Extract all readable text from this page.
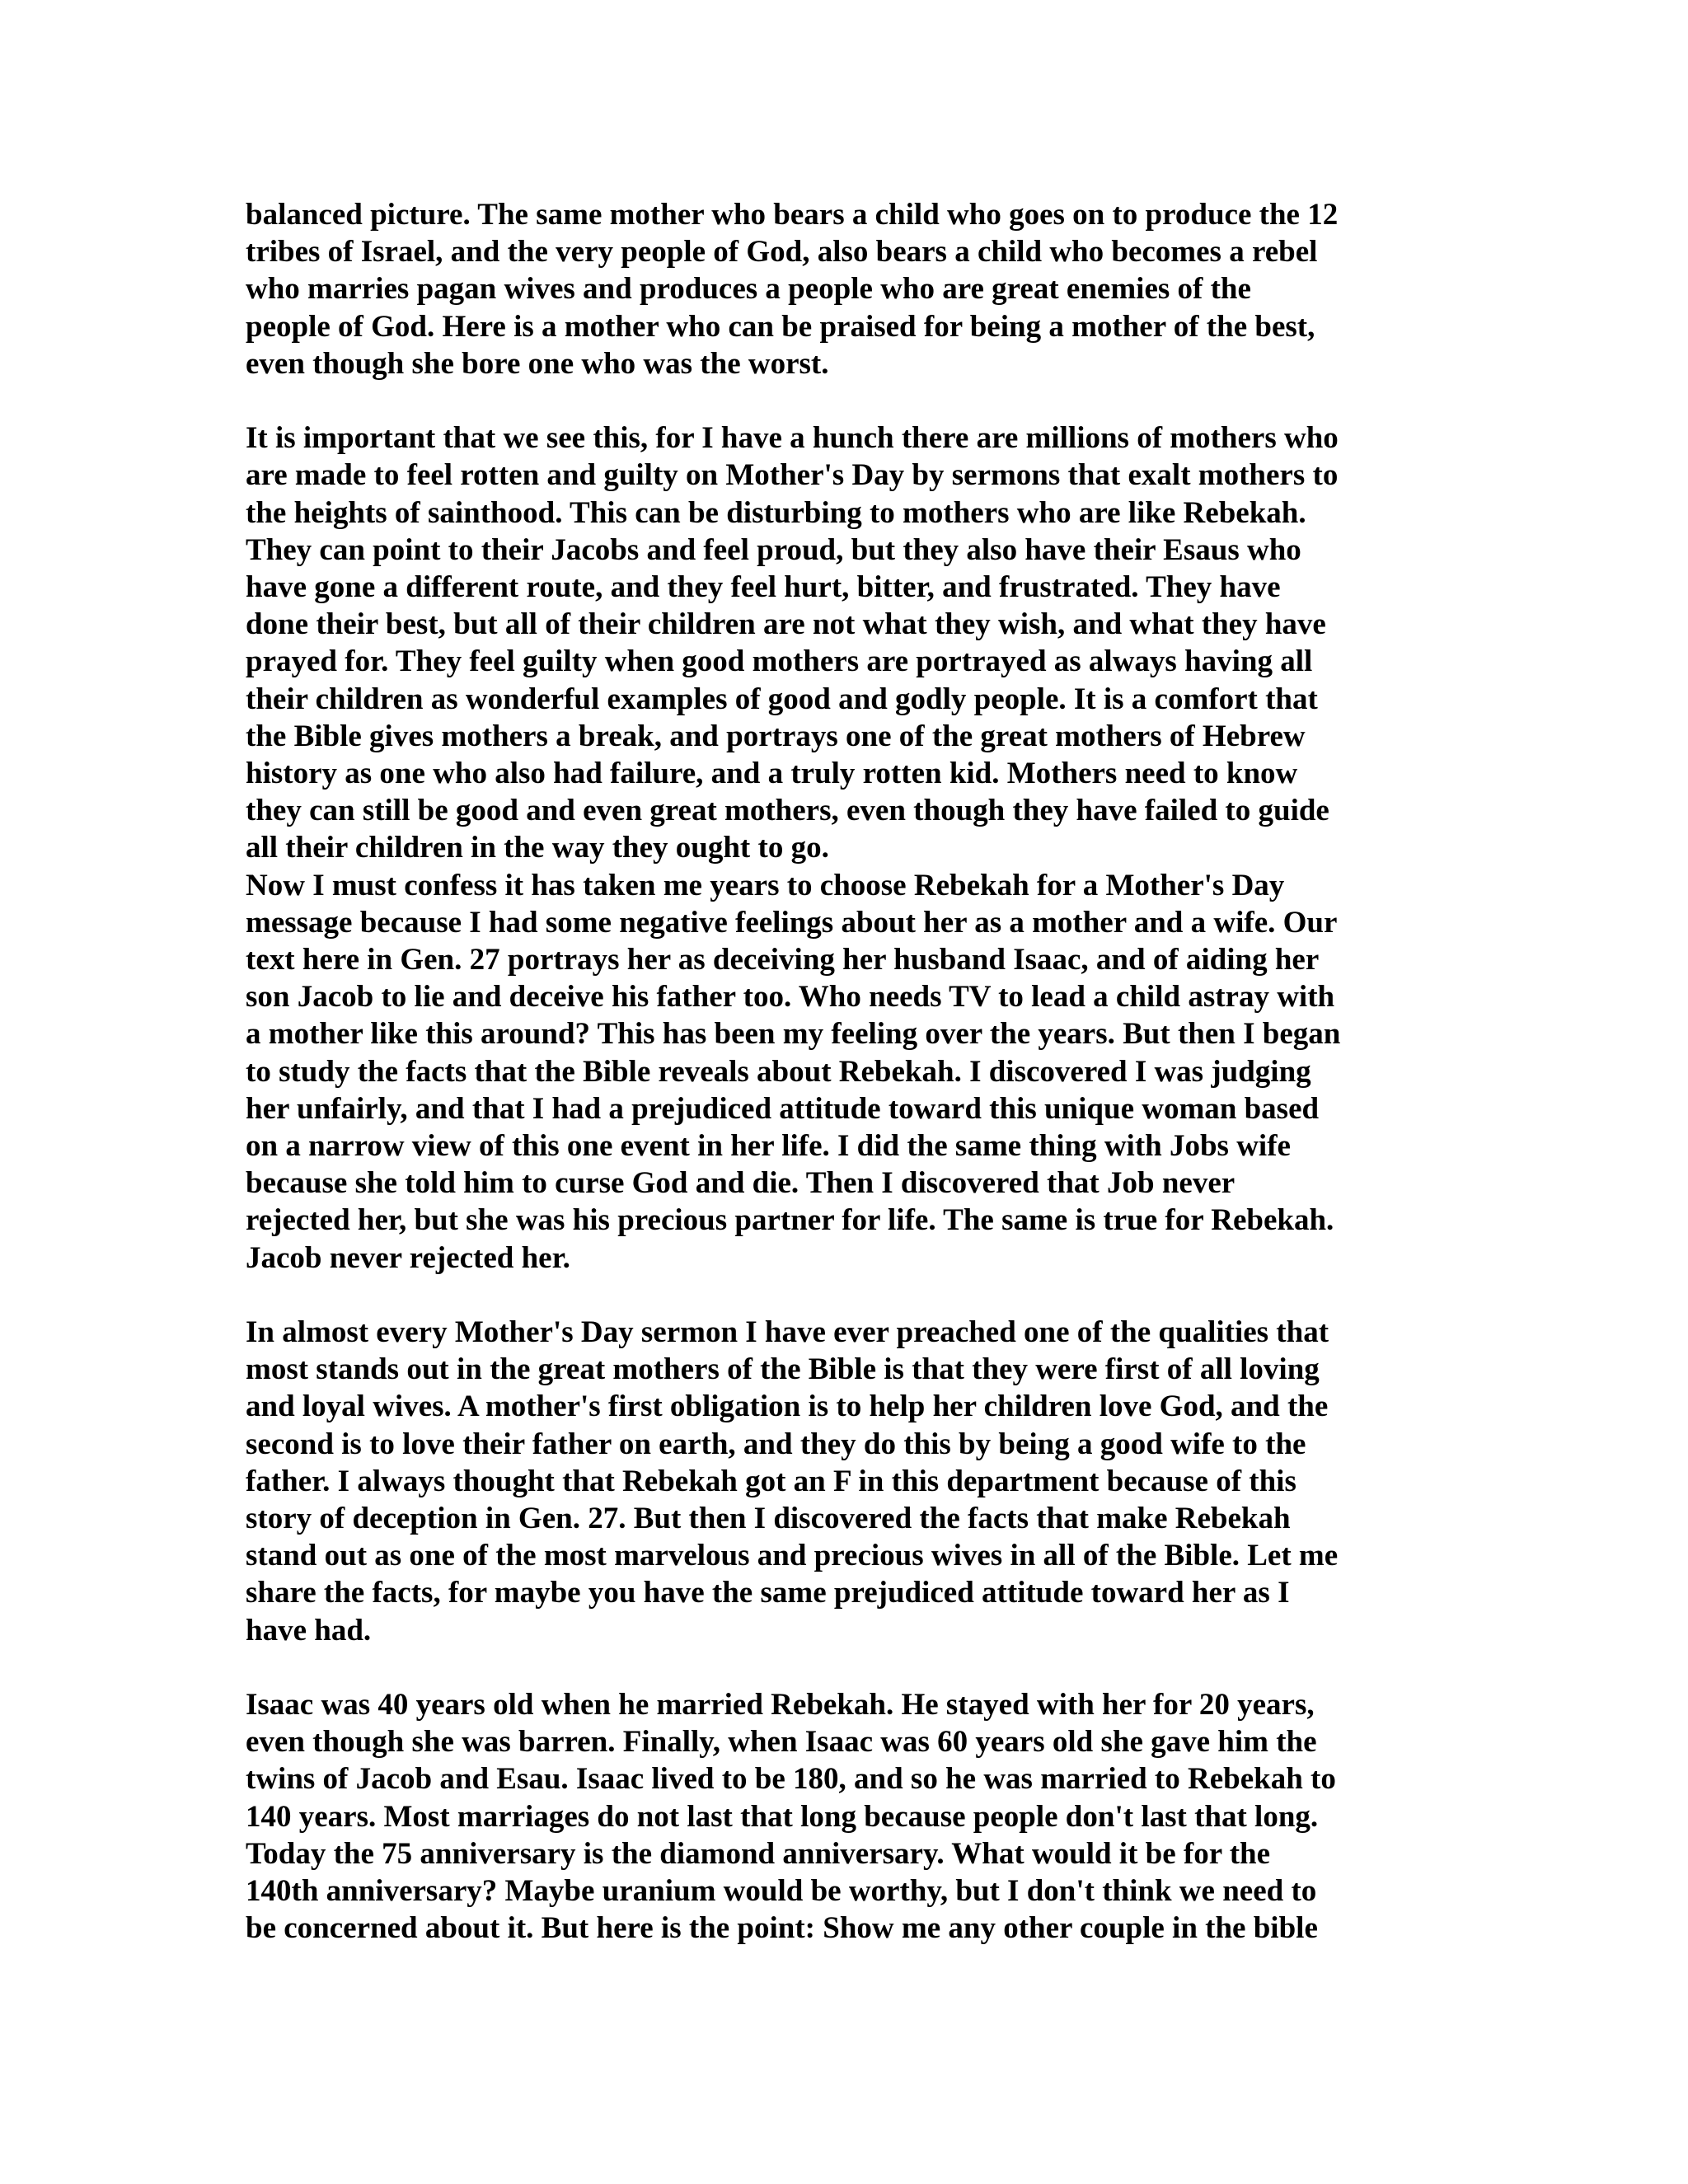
balanced picture. The same mother who bears a child who goes on to produce the 12
tribes of Israel, and the very people of God, also bears a child who becomes a rebel
who marries pagan wives and produces a people who are great enemies of the
people of God. Here is a mother who can be praised for being a mother of the best,
even though she bore one who was the worst.
It is important that we see this, for I have a hunch there are millions of mothers who
are made to feel rotten and guilty on Mother's Day by sermons that exalt mothers to
the heights of sainthood. This can be disturbing to mothers who are like Rebekah.
They can point to their Jacobs and feel proud, but they also have their Esaus who
have gone a different route, and they feel hurt, bitter, and frustrated. They have
done their best, but all of their children are not what they wish, and what they have
prayed for. They feel guilty when good mothers are portrayed as always having all
their children as wonderful examples of good and godly people. It is a comfort that
the Bible gives mothers a break, and portrays one of the great mothers of Hebrew
history as one who also had failure, and a truly rotten kid. Mothers need to know
they can still be good and even great mothers, even though they have failed to guide
all their children in the way they ought to go.
Now I must confess it has taken me years to choose Rebekah for a Mother's Day
message because I had some negative feelings about her as a mother and a wife. Our
text here in Gen. 27 portrays her as deceiving her husband Isaac, and of aiding her
son Jacob to lie and deceive his father too. Who needs TV to lead a child astray with
a mother like this around? This has been my feeling over the years. But then I began
to study the facts that the Bible reveals about Rebekah. I discovered I was judging
her unfairly, and that I had a prejudiced attitude toward this unique woman based
on a narrow view of this one event in her life. I did the same thing with Jobs wife
because she told him to curse God and die. Then I discovered that Job never
rejected her, but she was his precious partner for life. The same is true for Rebekah.
Jacob never rejected her.
In almost every Mother's Day sermon I have ever preached one of the qualities that
most stands out in the great mothers of the Bible is that they were first of all loving
and loyal wives. A mother's first obligation is to help her children love God, and the
second is to love their father on earth, and they do this by being a good wife to the
father. I always thought that Rebekah got an F in this department because of this
story of deception in Gen. 27. But then I discovered the facts that make Rebekah
stand out as one of the most marvelous and precious wives in all of the Bible. Let me
share the facts, for maybe you have the same prejudiced attitude toward her as I
have had.
Isaac was 40 years old when he married Rebekah. He stayed with her for 20 years,
even though she was barren. Finally, when Isaac was 60 years old she gave him the
twins of Jacob and Esau. Isaac lived to be 180, and so he was married to Rebekah to
140 years. Most marriages do not last that long because people don't last that long.
Today the 75 anniversary is the diamond anniversary. What would it be for the
140th anniversary? Maybe uranium would be worthy, but I don't think we need to
be concerned about it. But here is the point: Show me any other couple in the bible
